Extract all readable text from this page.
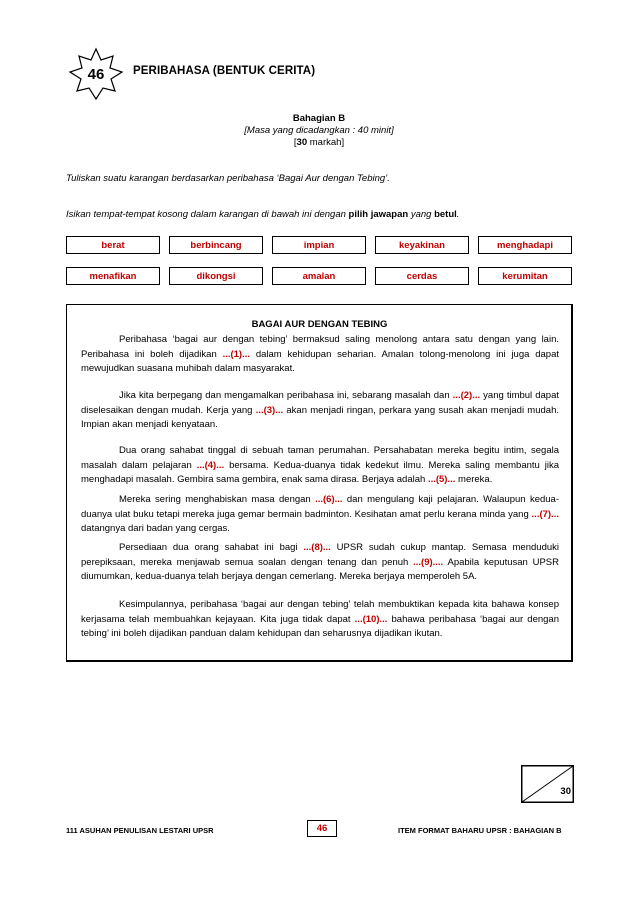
46	PERIBAHASA (BENTUK CERITA)
Bahagian B
[Masa yang dicadangkan : 40 minit]
[30 markah]
Tuliskan suatu karangan berdasarkan peribahasa ‘Bagai Aur dengan Tebing’.
Isikan tempat-tempat kosong dalam karangan di bawah ini dengan pilih jawapan yang betul.
berat	berbincang	impian	keyakinan	menghadapi
menafikan	dikongsi	amalan	cerdas	kerumitan
BAGAI AUR DENGAN TEBING

Peribahasa ‘bagai aur dengan tebing’ bermaksud saling menolong antara satu dengan yang lain. Peribahasa ini boleh dijadikan ...(1)... dalam kehidupan seharian. Amalan tolong-menolong ini juga dapat mewujudkan suasana muhibah dalam masyarakat.

Jika kita berpegang dan mengamalkan peribahasa ini, sebarang masalah dan ...(2)... yang timbul dapat diselesaikan dengan mudah. Kerja yang ...(3)... akan menjadi ringan, perkara yang susah akan menjadi mudah. Impian akan menjadi kenyataan.

Dua orang sahabat tinggal di sebuah taman perumahan. Persahabatan mereka begitu intim, segala masalah dalam pelajaran ...(4)... bersama. Kedua-duanya tidak kedekut ilmu. Mereka saling membantu jika menghadapi masalah. Gembira sama gembira, enak sama dirasa. Berjaya adalah ...(5)... mereka.

Mereka sering menghabiskan masa dengan ...(6)... dan mengulang kaji pelajaran. Walaupun kedua-duanya ulat buku tetapi mereka juga gemar bermain badminton. Kesihatan amat perlu kerana minda yang ...(7)... datangnya dari badan yang cergas.

Persediaan dua orang sahabat ini bagi ...(8)... UPSR sudah cukup mantap. Semasa menduduki perepiksaan, mereka menjawab semua soalan dengan tenang dan penuh ...(9).... Apabila keputusan UPSR diumumkan, kedua-duanya telah berjaya dengan cemerlang. Mereka berjaya memperoleh 5A.

Kesimpulannya, peribahasa ‘bagai aur dengan tebing’ telah membuktikan kepada kita bahawa konsep kerjasama telah membuahkan kejayaan. Kita juga tidak dapat ...(10)... bahawa peribahasa ‘bagai aur dengan tebing’ ini boleh dijadikan panduan dalam kehidupan dan seharusnya dijadikan ikutan.

30
111 ASUHAN PENULISAN LESTARI UPSR	46	ITEM FORMAT BAHARU UPSR : BAHAGIAN B
